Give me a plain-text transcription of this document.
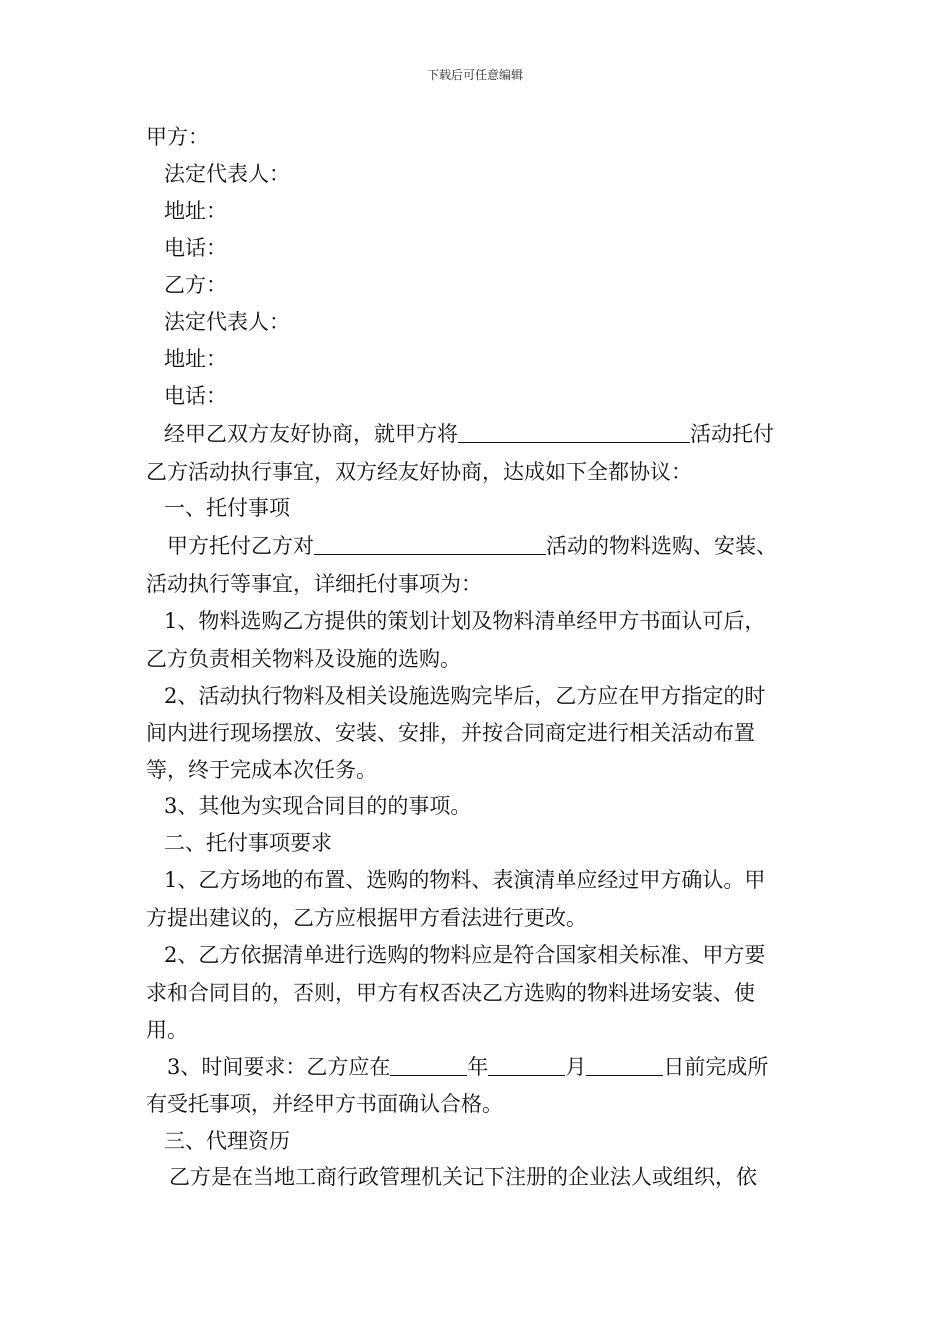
下载后可任意编辑
甲方：
法定代表人：
地址：
电话：
乙方：
法定代表人：
地址：
电话：
经甲乙双方友好协商，就甲方将	活动托付
乙方活动执行事宜，双方经友好协商，达成如下全都协议：
一、托付事项
甲方托付乙方对	活动的物料选购、安装、
活动执行等事宜，详细托付事项为：
1、物料选购乙方提供的策划计划及物料清单经甲方书面认可后，
乙方负责相关物料及设施的选购。
2、活动执行物料及相关设施选购完毕后，乙方应在甲方指定的时
间内进行现场摆放、安装、安排，并按合同商定进行相关活动布置
等，终于完成本次任务。
3、其他为实现合同目的的事项。
二、托付事项要求
1、乙方场地的布置、选购的物料、表演清单应经过甲方确认。甲
方提出建议的，乙方应根据甲方看法进行更改。
2、乙方依据清单进行选购的物料应是符合国家相关标准、甲方要
求和合同目的，否则，甲方有权否决乙方选购的物料进场安装、使
用。
3、时间要求：乙方应在	年	月	日前完成所
有受托事项，并经甲方书面确认合格。
三、代理资历
乙方是在当地工商行政管理机关记下注册的企业法人或组织，依
